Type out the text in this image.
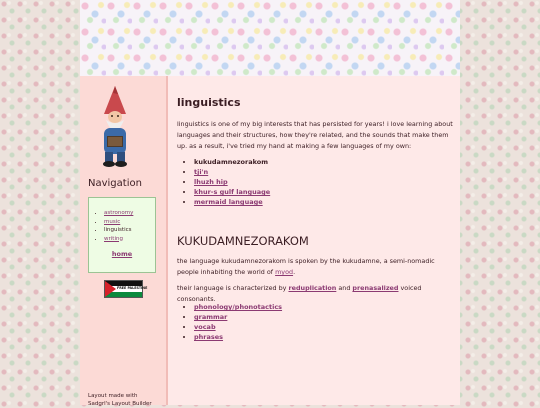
Navigation
• astronomy
• music
• linguistics
• writing
home
FREE PALESTINE
Layout made with
Sadgrl's Layout Builder
linguistics

linguistics is one of my big interests that has persisted for years! i love learning about languages and their structures, how they're related, and the sounds that make them up. as a result, i've tried my hand at making a few languages of my own:

• kukudamnezorakom
• tji'n
• lhuzh hip
• khur-s gulf language
• mermaid language
KUKUDAMNEZORAKOM

the language kukudamnezorakom is spoken by the kukudamne, a semi-nomadic people inhabiting the world of myod.

their language is characterized by reduplication and prenasalized voiced consonants.

• phonology/phonotactics
• grammar
• vocab
• phrases
